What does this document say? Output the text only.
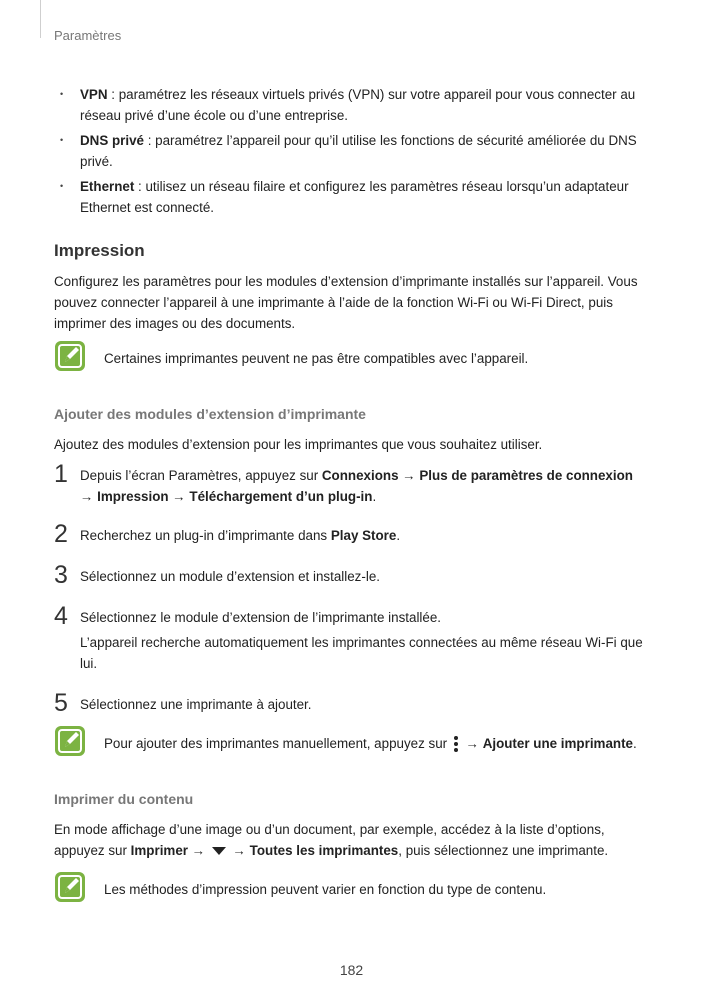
Paramètres
• VPN : paramétrez les réseaux virtuels privés (VPN) sur votre appareil pour vous connecter au réseau privé d’une école ou d’une entreprise.
• DNS privé : paramétrez l’appareil pour qu’il utilise les fonctions de sécurité améliorée du DNS privé.
• Ethernet : utilisez un réseau filaire et configurez les paramètres réseau lorsqu’un adaptateur Ethernet est connecté.
Impression

Configurez les paramètres pour les modules d’extension d’imprimante installés sur l’appareil. Vous pouvez connecter l’appareil à une imprimante à l’aide de la fonction Wi-Fi ou Wi-Fi Direct, puis imprimer des images ou des documents.

Certaines imprimantes peuvent ne pas être compatibles avec l’appareil.
Ajouter des modules d’extension d’imprimante

Ajoutez des modules d’extension pour les imprimantes que vous souhaitez utiliser.

1 Depuis l’écran Paramètres, appuyez sur Connexions → Plus de paramètres de connexion → Impression → Téléchargement d’un plug-in.
2 Recherchez un plug-in d’imprimante dans Play Store.
3 Sélectionnez un module d’extension et installez-le.
4 Sélectionnez le module d’extension de l’imprimante installée.
L’appareil recherche automatiquement les imprimantes connectées au même réseau Wi-Fi que lui.
5 Sélectionnez une imprimante à ajouter.
Pour ajouter des imprimantes manuellement, appuyez sur
→ Ajouter une imprimante.
Imprimer du contenu

En mode affichage d’une image ou d’un document, par exemple, accédez à la liste d’options, appuyez sur Imprimer →  → Toutes les imprimantes, puis sélectionnez une imprimante.

Les méthodes d’impression peuvent varier en fonction du type de contenu.
182
